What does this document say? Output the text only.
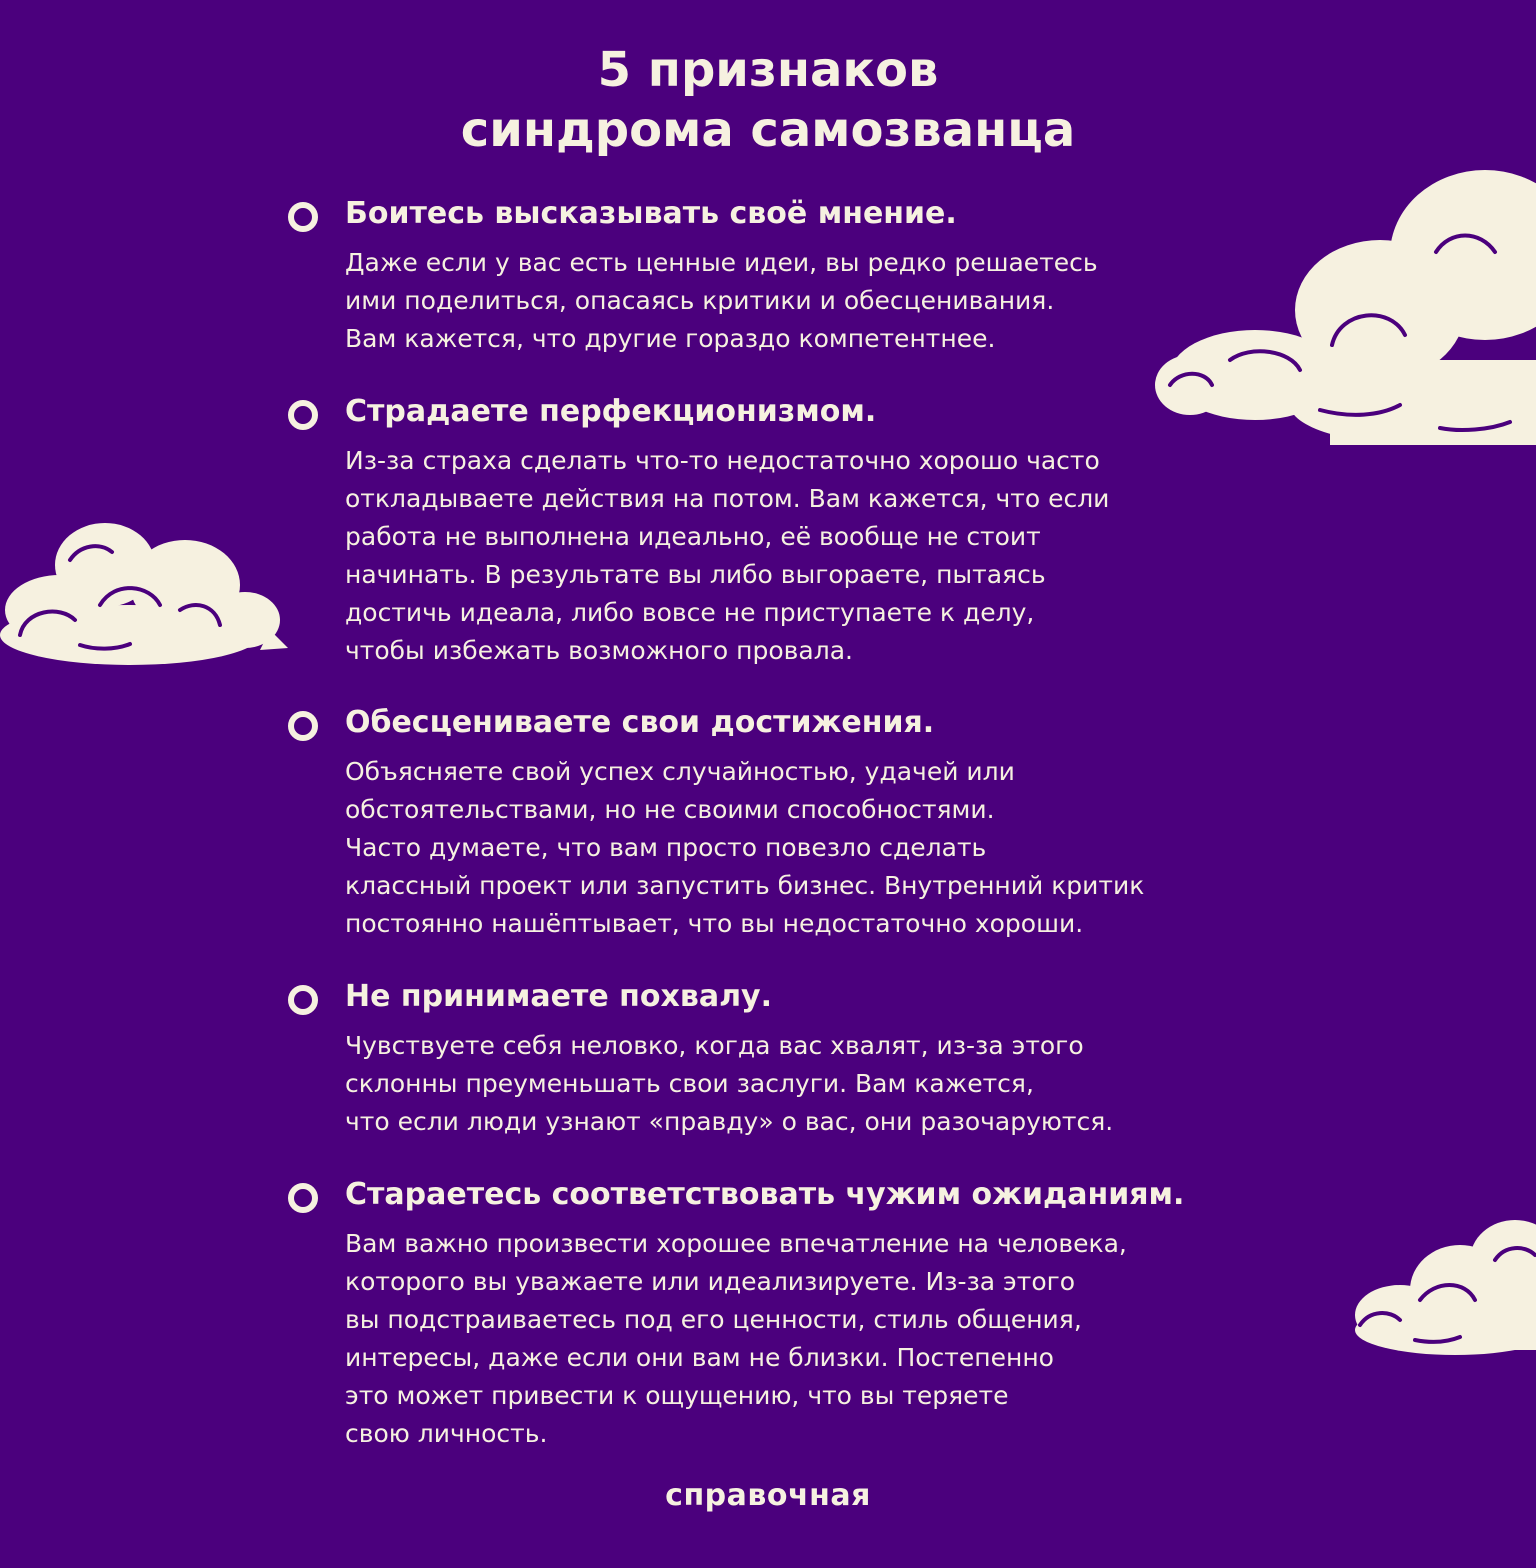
5 признаков
синдрома самозванца
Боитесь высказывать своё мнение.
Даже если у вас есть ценные идеи, вы редко решаетесь
ими поделиться, опасаясь критики и обесценивания.
Вам кажется, что другие гораздо компетентнее.
Страдаете перфекционизмом.
Из-за страха сделать что-то недостаточно хорошо часто
откладываете действия на потом. Вам кажется, что если
работа не выполнена идеально, её вообще не стоит
начинать. В результате вы либо выгораете, пытаясь
достичь идеала, либо вовсе не приступаете к делу,
чтобы избежать возможного провала.
Обесцениваете свои достижения.
Объясняете свой успех случайностью, удачей или
обстоятельствами, но не своими способностями.
Часто думаете, что вам просто повезло сделать
классный проект или запустить бизнес. Внутренний критик
постоянно нашёптывает, что вы недостаточно хороши.
Не принимаете похвалу.
Чувствуете себя неловко, когда вас хвалят, из-за этого
склонны преуменьшать свои заслуги. Вам кажется,
что если люди узнают «правду» о вас, они разочаруются.
Стараетесь соответствовать чужим ожиданиям.
Вам важно произвести хорошее впечатление на человека,
которого вы уважаете или идеализируете. Из-за этого
вы подстраиваетесь под его ценности, стиль общения,
интересы, даже если они вам не близки. Постепенно
это может привести к ощущению, что вы теряете
свою личность.
справочная
